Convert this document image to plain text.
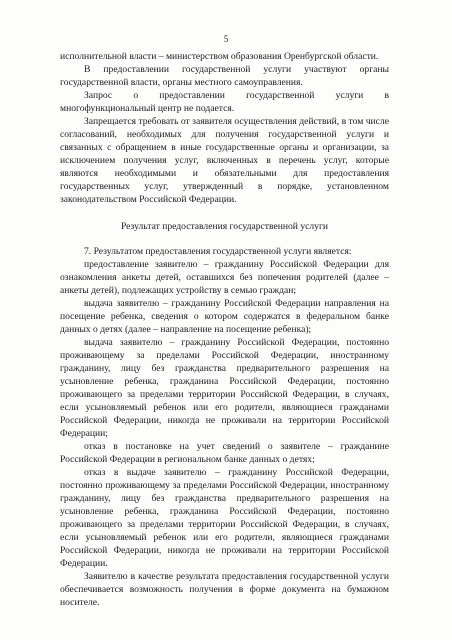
5

исполнительной власти – министерством образования Оренбургской области.

В предоставлении государственной услуги участвуют органы государственной власти, органы местного самоуправления.

Запрос о предоставлении государственной услуги в многофункциональный центр не подается.

Запрещается требовать от заявителя осуществления действий, в том числе согласований, необходимых для получения государственной услуги и связанных с обращением в иные государственные органы и организации, за исключением получения услуг, включенных в перечень услуг, которые являются необходимыми и обязательными для предоставления государственных услуг, утвержденный в порядке, установленном законодательством Российской Федерации.

Результат предоставления государственной услуги

7. Результатом предоставления государственной услуги является:

предоставление заявителю – гражданину Российской Федерации для ознакомления анкеты детей, оставшихся без попечения родителей (далее – анкеты детей), подлежащих устройству в семью граждан;

выдача заявителю – гражданину Российской Федерации направления на посещение ребенка, сведения о котором содержатся в федеральном банке данных о детях (далее – направление на посещение ребенка);

выдача заявителю – гражданину Российской Федерации, постоянно проживающему за пределами Российской Федерации, иностранному гражданину, лицу без гражданства предварительного разрешения на усыновление ребенка, гражданина Российской Федерации, постоянно проживающего за пределами территории Российской Федерации, в случаях, если усыновляемый ребенок или его родители, являющиеся гражданами Российской Федерации, никогда не проживали на территории Российской Федерации;

отказ в постановке на учет сведений о заявителе – гражданине Российской Федерации в региональном банке данных о детях;

отказ в выдаче заявителю – гражданину Российской Федерации, постоянно проживающему за пределами Российской Федерации, иностранному гражданину, лицу без гражданства предварительного разрешения на усыновление ребенка, гражданина Российской Федерации, постоянно проживающего за пределами территории Российской Федерации, в случаях, если усыновляемый ребенок или его родители, являющиеся гражданами Российской Федерации, никогда не проживали на территории Российской Федерации.

Заявителю в качестве результата предоставления государственной услуги обеспечивается возможность получения в форме документа на бумажном носителе.
